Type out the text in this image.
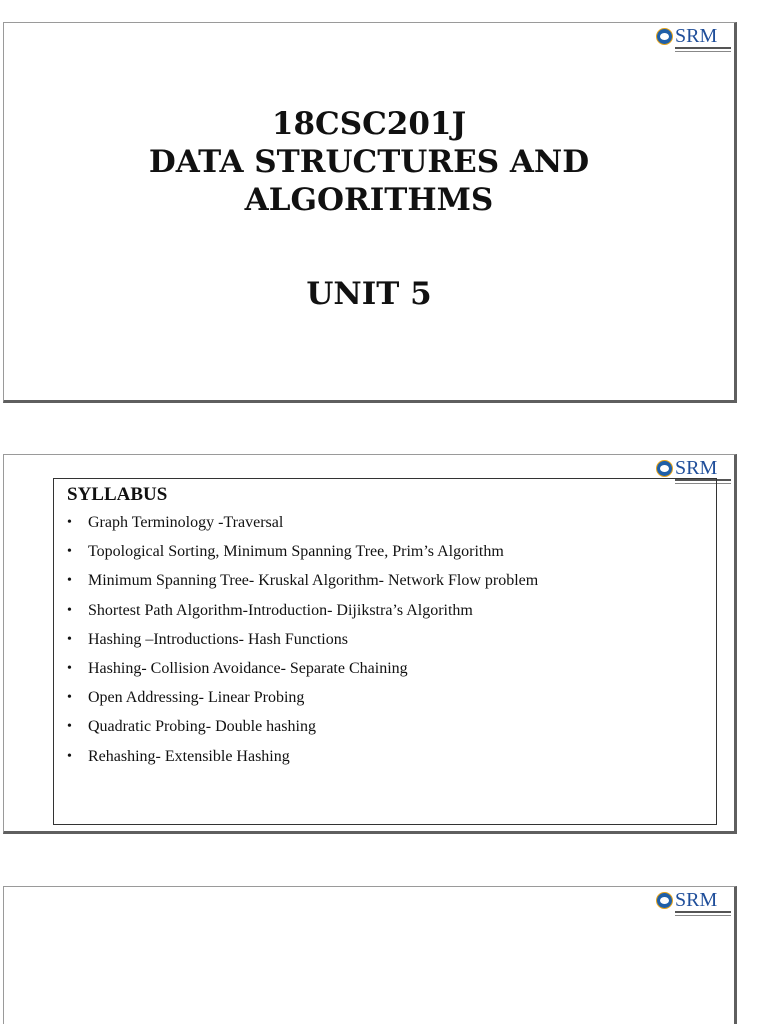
SRM
18CSC201J
DATA STRUCTURES AND
ALGORITHMS
UNIT 5
SRM
SYLLABUS
• Graph Terminology -Traversal
• Topological Sorting, Minimum Spanning Tree, Prim’s Algorithm
• Minimum Spanning Tree- Kruskal Algorithm- Network Flow problem
• Shortest Path Algorithm-Introduction- Dijikstra’s Algorithm
• Hashing –Introductions- Hash Functions
• Hashing- Collision Avoidance- Separate Chaining
• Open Addressing- Linear Probing
• Quadratic Probing- Double hashing
• Rehashing- Extensible Hashing
SRM
